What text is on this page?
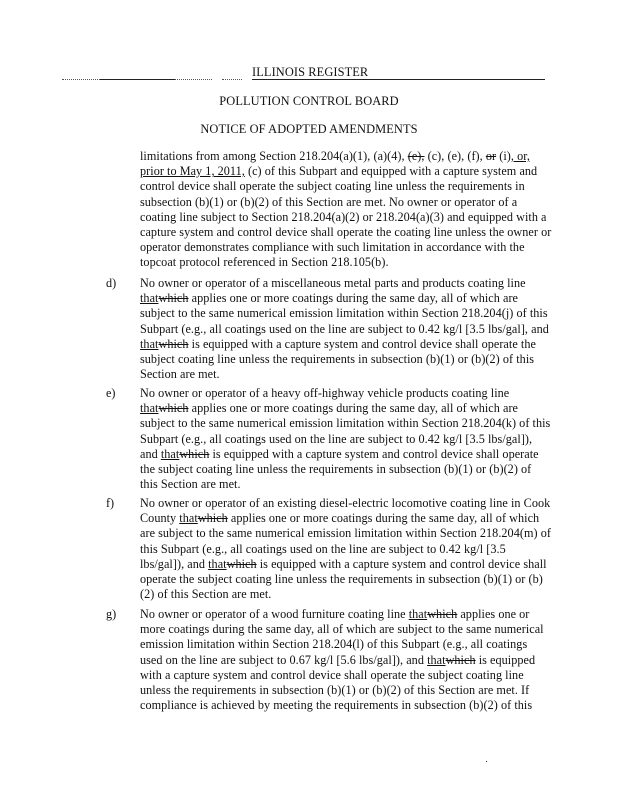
ILLINOIS REGISTER
POLLUTION CONTROL BOARD
NOTICE OF ADOPTED AMENDMENTS
limitations from among Section 218.204(a)(1), (a)(4), (e), (c), (e), (f), or (i), or, prior to May 1, 2011, (c) of this Subpart and equipped with a capture system and control device shall operate the subject coating line unless the requirements in subsection (b)(1) or (b)(2) of this Section are met. No owner or operator of a coating line subject to Section 218.204(a)(2) or 218.204(a)(3) and equipped with a capture system and control device shall operate the coating line unless the owner or operator demonstrates compliance with such limitation in accordance with the topcoat protocol referenced in Section 218.105(b).
d) No owner or operator of a miscellaneous metal parts and products coating line thatwhich applies one or more coatings during the same day, all of which are subject to the same numerical emission limitation within Section 218.204(j) of this Subpart (e.g., all coatings used on the line are subject to 0.42 kg/l [3.5 lbs/gal], and thatwhich is equipped with a capture system and control device shall operate the subject coating line unless the requirements in subsection (b)(1) or (b)(2) of this Section are met.
e) No owner or operator of a heavy off-highway vehicle products coating line thatwhich applies one or more coatings during the same day, all of which are subject to the same numerical emission limitation within Section 218.204(k) of this Subpart (e.g., all coatings used on the line are subject to 0.42 kg/l [3.5 lbs/gal]), and thatwhich is equipped with a capture system and control device shall operate the subject coating line unless the requirements in subsection (b)(1) or (b)(2) of this Section are met.
f) No owner or operator of an existing diesel-electric locomotive coating line in Cook County thatwhich applies one or more coatings during the same day, all of which are subject to the same numerical emission limitation within Section 218.204(m) of this Subpart (e.g., all coatings used on the line are subject to 0.42 kg/l [3.5 lbs/gal]), and thatwhich is equipped with a capture system and control device shall operate the subject coating line unless the requirements in subsection (b)(1) or (b)(2) of this Section are met.
g) No owner or operator of a wood furniture coating line thatwhich applies one or more coatings during the same day, all of which are subject to the same numerical emission limitation within Section 218.204(l) of this Subpart (e.g., all coatings used on the line are subject to 0.67 kg/l [5.6 lbs/gal]), and thatwhich is equipped with a capture system and control device shall operate the subject coating line unless the requirements in subsection (b)(1) or (b)(2) of this Section are met. If compliance is achieved by meeting the requirements in subsection (b)(2) of this
